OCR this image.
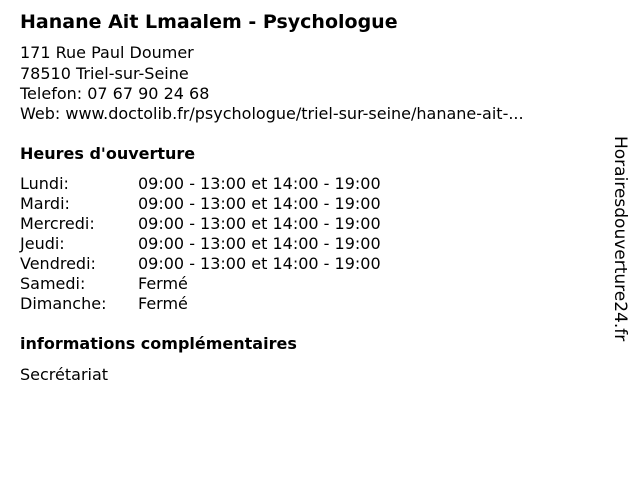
Hanane Ait Lmaalem - Psychologue
171 Rue Paul Doumer
78510 Triel-sur-Seine
Telefon: 07 67 90 24 68
Web: www.doctolib.fr/psychologue/triel-sur-seine/hanane-ait-...
Heures d'ouverture
Lundi:	09:00 - 13:00 et 14:00 - 19:00
Mardi:	09:00 - 13:00 et 14:00 - 19:00
Mercredi:	09:00 - 13:00 et 14:00 - 19:00
Jeudi:	09:00 - 13:00 et 14:00 - 19:00
Vendredi:	09:00 - 13:00 et 14:00 - 19:00
Samedi:	Fermé
Dimanche: Fermé
informations complémentaires
Secrétariat
Horairesdouverture24.fr
